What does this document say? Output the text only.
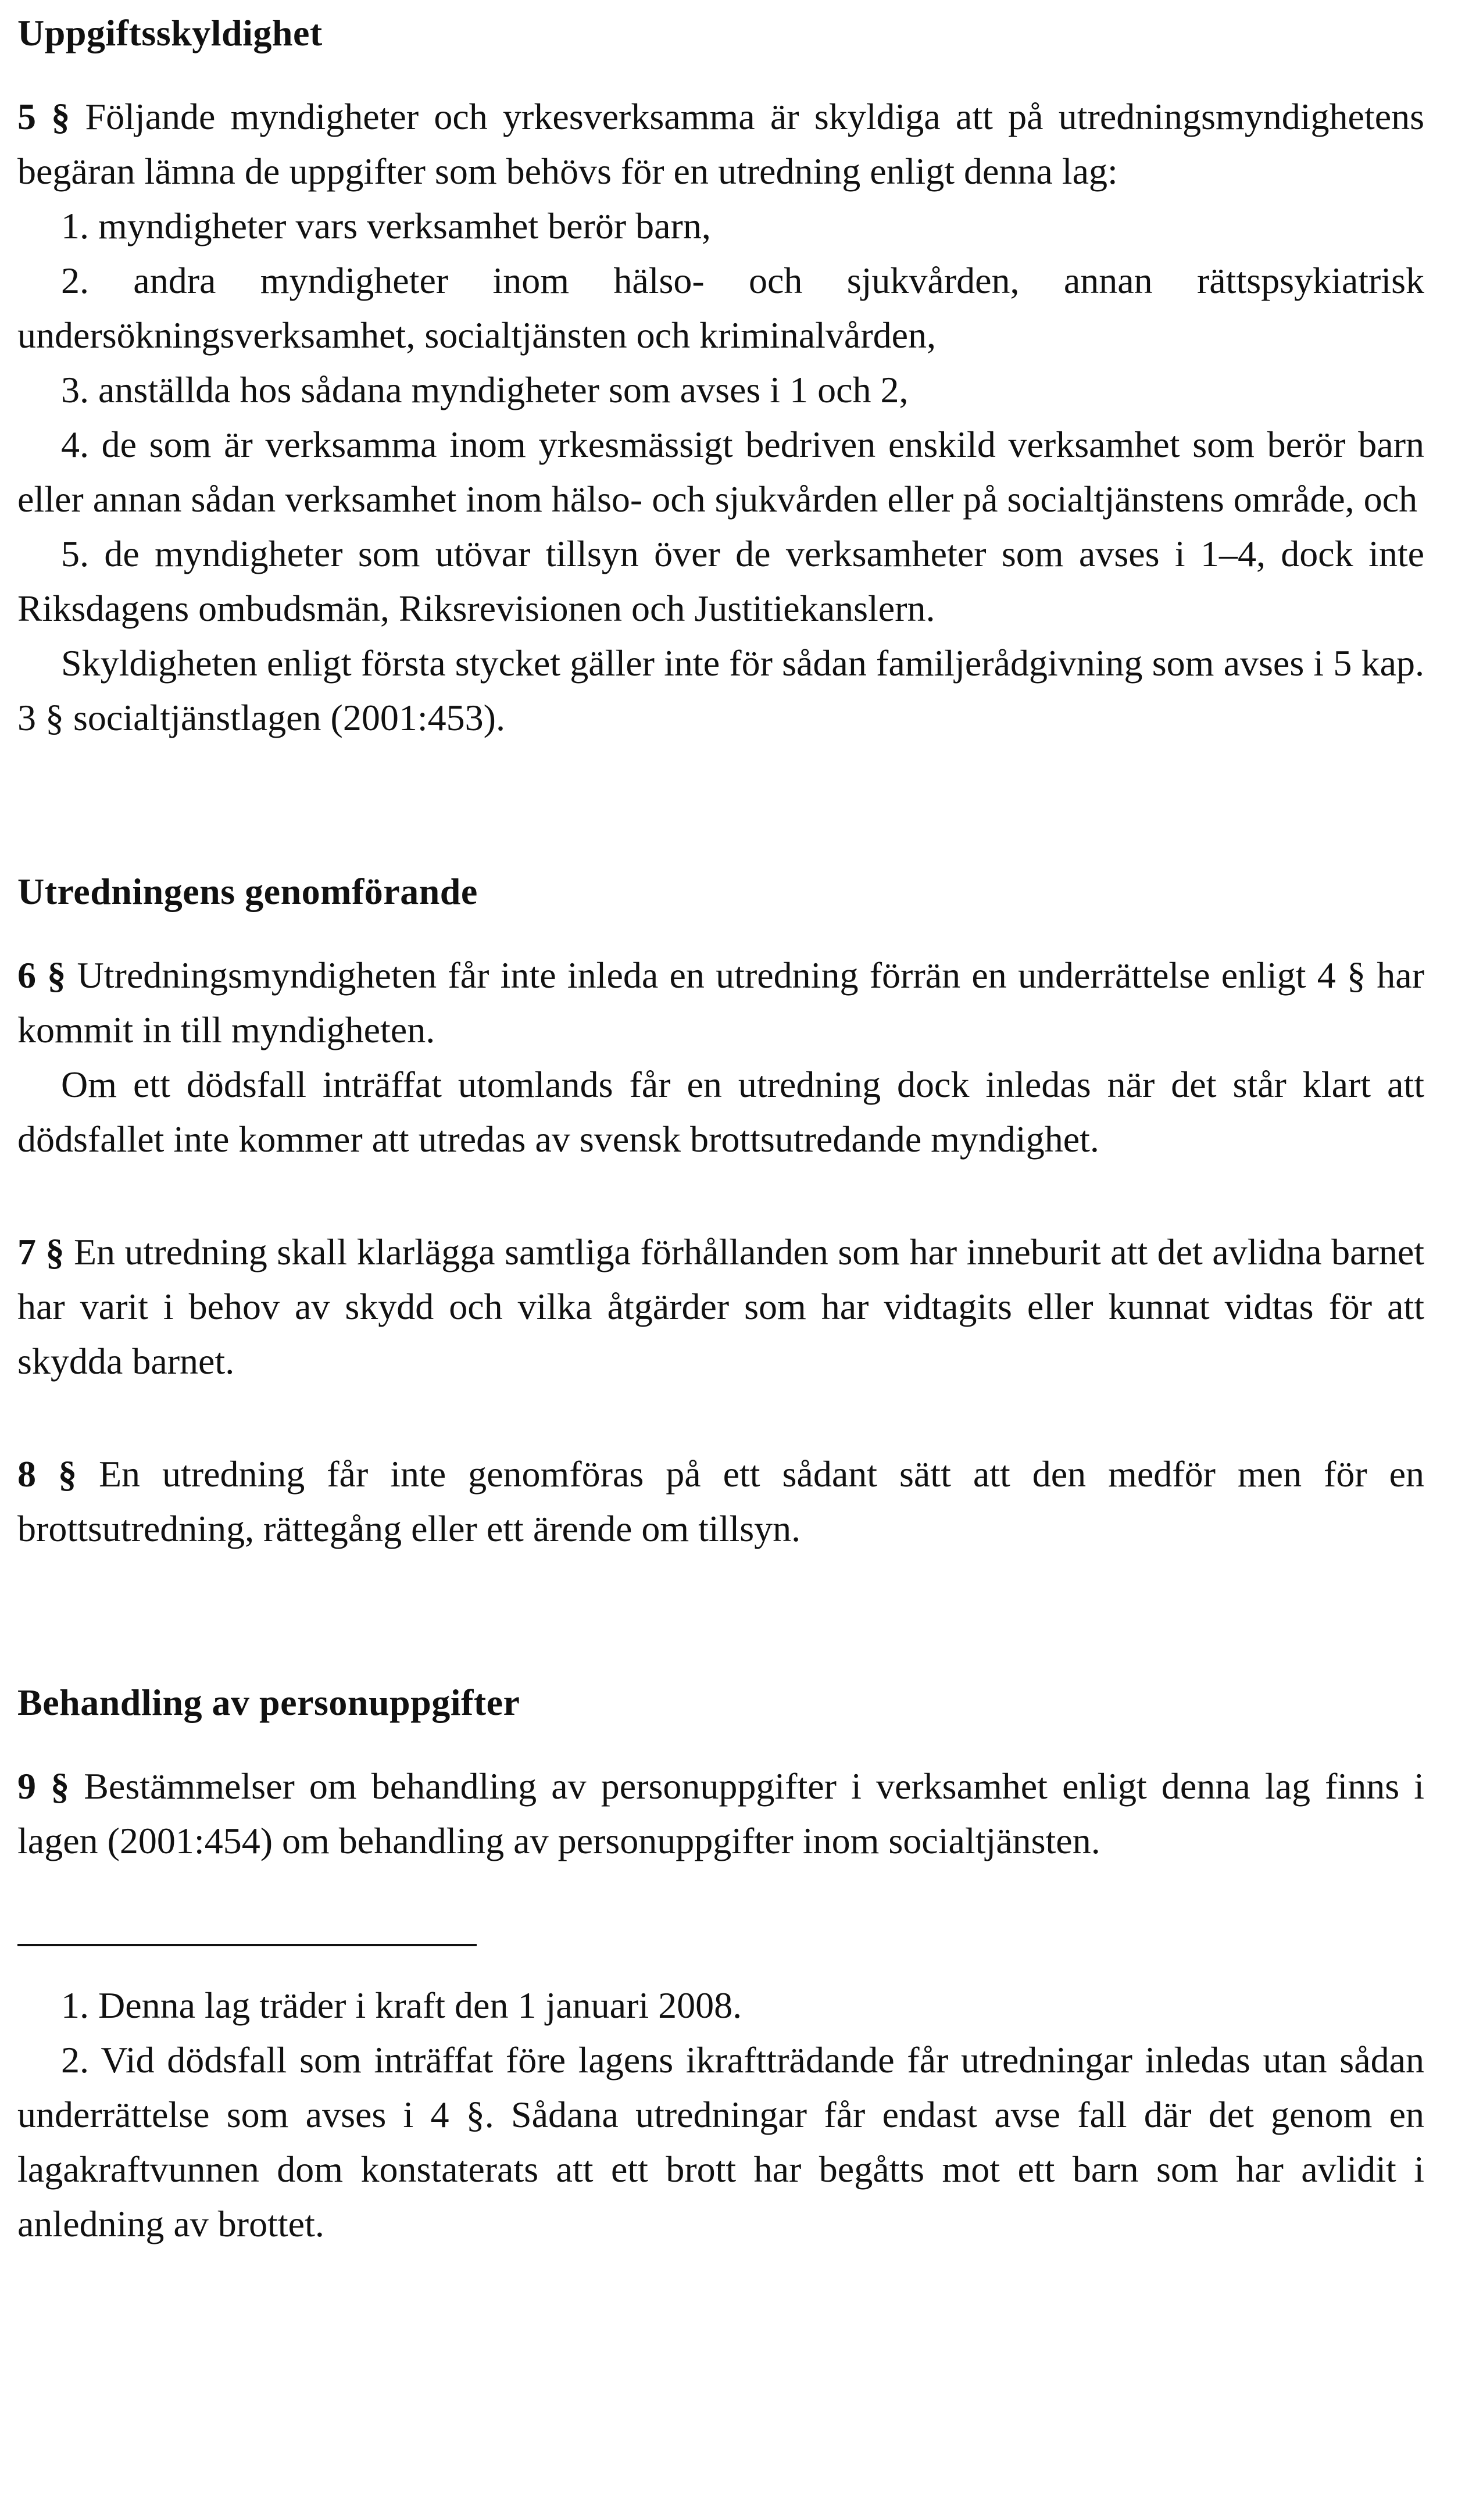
Uppgiftsskyldighet

5 § Följande myndigheter och yrkesverksamma är skyldiga att på utredningsmyndighetens begäran lämna de uppgifter som behövs för en utredning enligt denna lag:

1. myndigheter vars verksamhet berör barn,

2. andra myndigheter inom hälso- och sjukvården, annan rättspsykiatrisk undersökningsverksamhet, socialtjänsten och kriminalvården,

3. anställda hos sådana myndigheter som avses i 1 och 2,

4. de som är verksamma inom yrkesmässigt bedriven enskild verksamhet som berör barn eller annan sådan verksamhet inom hälso- och sjukvården eller på socialtjänstens område, och

5. de myndigheter som utövar tillsyn över de verksamheter som avses i 1–4, dock inte Riksdagens ombudsmän, Riksrevisionen och Justitiekanslern.

Skyldigheten enligt första stycket gäller inte för sådan familjerådgivning som avses i 5 kap. 3 § socialtjänstlagen (2001:453).

Utredningens genomförande

6 § Utredningsmyndigheten får inte inleda en utredning förrän en underrättelse enligt 4 § har kommit in till myndigheten.

Om ett dödsfall inträffat utomlands får en utredning dock inledas när det står klart att dödsfallet inte kommer att utredas av svensk brottsutredande myndighet.

7 § En utredning skall klarlägga samtliga förhållanden som har inneburit att det avlidna barnet har varit i behov av skydd och vilka åtgärder som har vidtagits eller kunnat vidtas för att skydda barnet.

8 § En utredning får inte genomföras på ett sådant sätt att den medför men för en brottsutredning, rättegång eller ett ärende om tillsyn.

Behandling av personuppgifter

9 § Bestämmelser om behandling av personuppgifter i verksamhet enligt denna lag finns i lagen (2001:454) om behandling av personuppgifter inom socialtjänsten.

1. Denna lag träder i kraft den 1 januari 2008.

2. Vid dödsfall som inträffat före lagens ikraftträdande får utredningar inledas utan sådan underrättelse som avses i 4 §. Sådana utredningar får endast avse fall där det genom en lagakraftvunnen dom konstaterats att ett brott har begåtts mot ett barn som har avlidit i anledning av brottet.
